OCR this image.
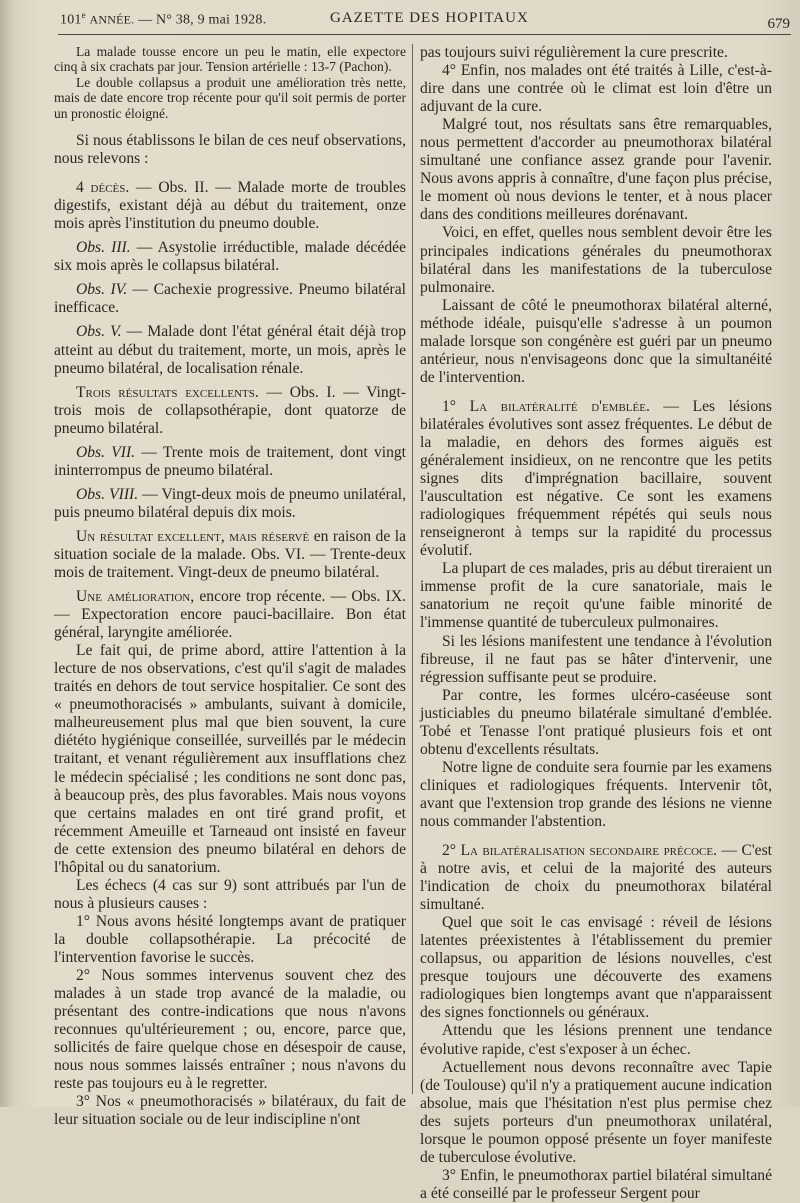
101e ANNÉE. — N° 38, 9 mai 1928.	GAZETTE DES HOPITAUX	679

La malade tousse encore un peu le matin, elle expectore cinq à six crachats par jour. Tension artérielle : 13-7 (Pachon).

Le double collapsus a produit une amélioration très nette, mais de date encore trop récente pour qu'il soit permis de porter un pronostic éloigné.

Si nous établissons le bilan de ces neuf observations, nous relevons :

4 décès. — Obs. II. — Malade morte de troubles digestifs, existant déjà au début du traitement, onze mois après l'institution du pneumo double.

Obs. III. — Asystolie irréductible, malade décédée six mois après le collapsus bilatéral.

Obs. IV. — Cachexie progressive. Pneumo bilatéral inefficace.

Obs. V. — Malade dont l'état général était déjà trop atteint au début du traitement, morte, un mois, après le pneumo bilatéral, de localisation rénale.

Trois résultats excellents. — Obs. I. — Vingt-trois mois de collapsothérapie, dont quatorze de pneumo bilatéral.

Obs. VII. — Trente mois de traitement, dont vingt ininterrompus de pneumo bilatéral.

Obs. VIII. — Vingt-deux mois de pneumo unilatéral, puis pneumo bilatéral depuis dix mois.

Un résultat excellent, mais réservé en raison de la situation sociale de la malade. Obs. VI. — Trente-deux mois de traitement. Vingt-deux de pneumo bilatéral.

Une amélioration, encore trop récente. — Obs. IX. — Expectoration encore pauci-bacillaire. Bon état général, laryngite améliorée.

Le fait qui, de prime abord, attire l'attention à la lecture de nos observations, c'est qu'il s'agit de malades traités en dehors de tout service hospitalier. Ce sont des « pneumothoracisés » ambulants, suivant à domicile, malheureusement plus mal que bien souvent, la cure diététo hygiénique conseillée, surveillés par le médecin traitant, et venant régulièrement aux insufflations chez le médecin spécialisé ; les conditions ne sont donc pas, à beaucoup près, des plus favorables. Mais nous voyons que certains malades en ont tiré grand profit, et récemment Ameuille et Tarneaud ont insisté en faveur de cette extension des pneumo bilatéral en dehors de l'hôpital ou du sanatorium.

Les échecs (4 cas sur 9) sont attribués par l'un de nous à plusieurs causes :

1° Nous avons hésité longtemps avant de pratiquer la double collapsothérapie. La précocité de l'intervention favorise le succès.

2° Nous sommes intervenus souvent chez des malades à un stade trop avancé de la maladie, ou présentant des contre-indications que nous n'avons reconnues qu'ultérieurement ; ou, encore, parce que, sollicités de faire quelque chose en désespoir de cause, nous nous sommes laissés entraîner ; nous n'avons du reste pas toujours eu à le regretter.

3° Nos « pneumothoracisés » bilatéraux, du fait de leur situation sociale ou de leur indiscipline n'ont

pas toujours suivi régulièrement la cure prescrite.

4° Enfin, nos malades ont été traités à Lille, c'est-à-dire dans une contrée où le climat est loin d'être un adjuvant de la cure.

Malgré tout, nos résultats sans être remarquables, nous permettent d'accorder au pneumothorax bilatéral simultané une confiance assez grande pour l'avenir. Nous avons appris à connaître, d'une façon plus précise, le moment où nous devions le tenter, et à nous placer dans des conditions meilleures dorénavant.

Voici, en effet, quelles nous semblent devoir être les principales indications générales du pneumothorax bilatéral dans les manifestations de la tuberculose pulmonaire.

Laissant de côté le pneumothorax bilatéral alterné, méthode idéale, puisqu'elle s'adresse à un poumon malade lorsque son congénère est guéri par un pneumo antérieur, nous n'envisageons donc que la simultanéité de l'intervention.

1° La bilatéralité d'emblée. — Les lésions bilatérales évolutives sont assez fréquentes. Le début de la maladie, en dehors des formes aiguës est généralement insidieux, on ne rencontre que les petits signes dits d'imprégnation bacillaire, souvent l'auscultation est négative. Ce sont les examens radiologiques fréquemment répétés qui seuls nous renseigneront à temps sur la rapidité du processus évolutif.

La plupart de ces malades, pris au début tireraient un immense profit de la cure sanatoriale, mais le sanatorium ne reçoit qu'une faible minorité de l'immense quantité de tuberculeux pulmonaires.

Si les lésions manifestent une tendance à l'évolution fibreuse, il ne faut pas se hâter d'intervenir, une régression suffisante peut se produire.

Par contre, les formes ulcéro-caséeuse sont justiciables du pneumo bilatérale simultané d'emblée. Tobé et Tenasse l'ont pratiqué plusieurs fois et ont obtenu d'excellents résultats.

Notre ligne de conduite sera fournie par les examens cliniques et radiologiques fréquents. Intervenir tôt, avant que l'extension trop grande des lésions ne vienne nous commander l'abstention.

2° La bilatéralisation secondaire précoce. — C'est à notre avis, et celui de la majorité des auteurs l'indication de choix du pneumothorax bilatéral simultané.

Quel que soit le cas envisagé : réveil de lésions latentes préexistentes à l'établissement du premier collapsus, ou apparition de lésions nouvelles, c'est presque toujours une découverte des examens radiologiques bien longtemps avant que n'apparaissent des signes fonctionnels ou généraux.

Attendu que les lésions prennent une tendance évolutive rapide, c'est s'exposer à un échec.

Actuellement nous devons reconnaître avec Tapie (de Toulouse) qu'il n'y a pratiquement aucune indication absolue, mais que l'hésitation n'est plus permise chez des sujets porteurs d'un pneumothorax unilatéral, lorsque le poumon opposé présente un foyer manifeste de tuberculose évolutive.

3° Enfin, le pneumothorax partiel bilatéral simultané a été conseillé par le professeur Sergent pour
